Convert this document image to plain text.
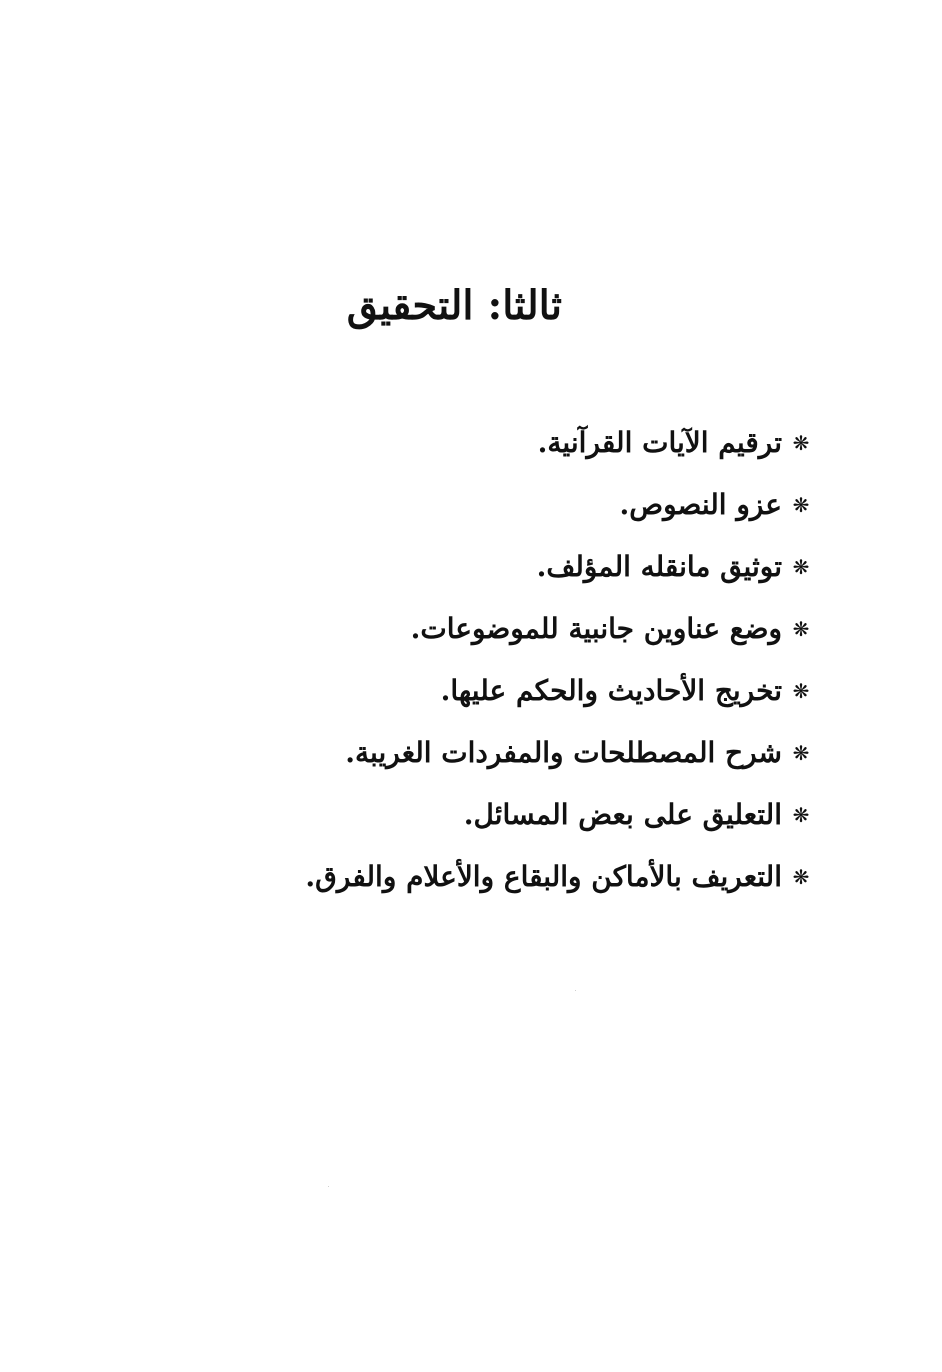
ثالثا: التحقيق
❋
ترقيم الآيات القرآنية.
❋
عزو النصوص.
❋
توثيق مانقله المؤلف.
❋
وضع عناوين جانبية للموضوعات.
❋
تخريج الأحاديث والحكم عليها.
❋
شرح المصطلحات والمفردات الغريبة.
❋
التعليق على بعض المسائل.
❋
التعريف بالأماكن والبقاع والأعلام والفرق.
